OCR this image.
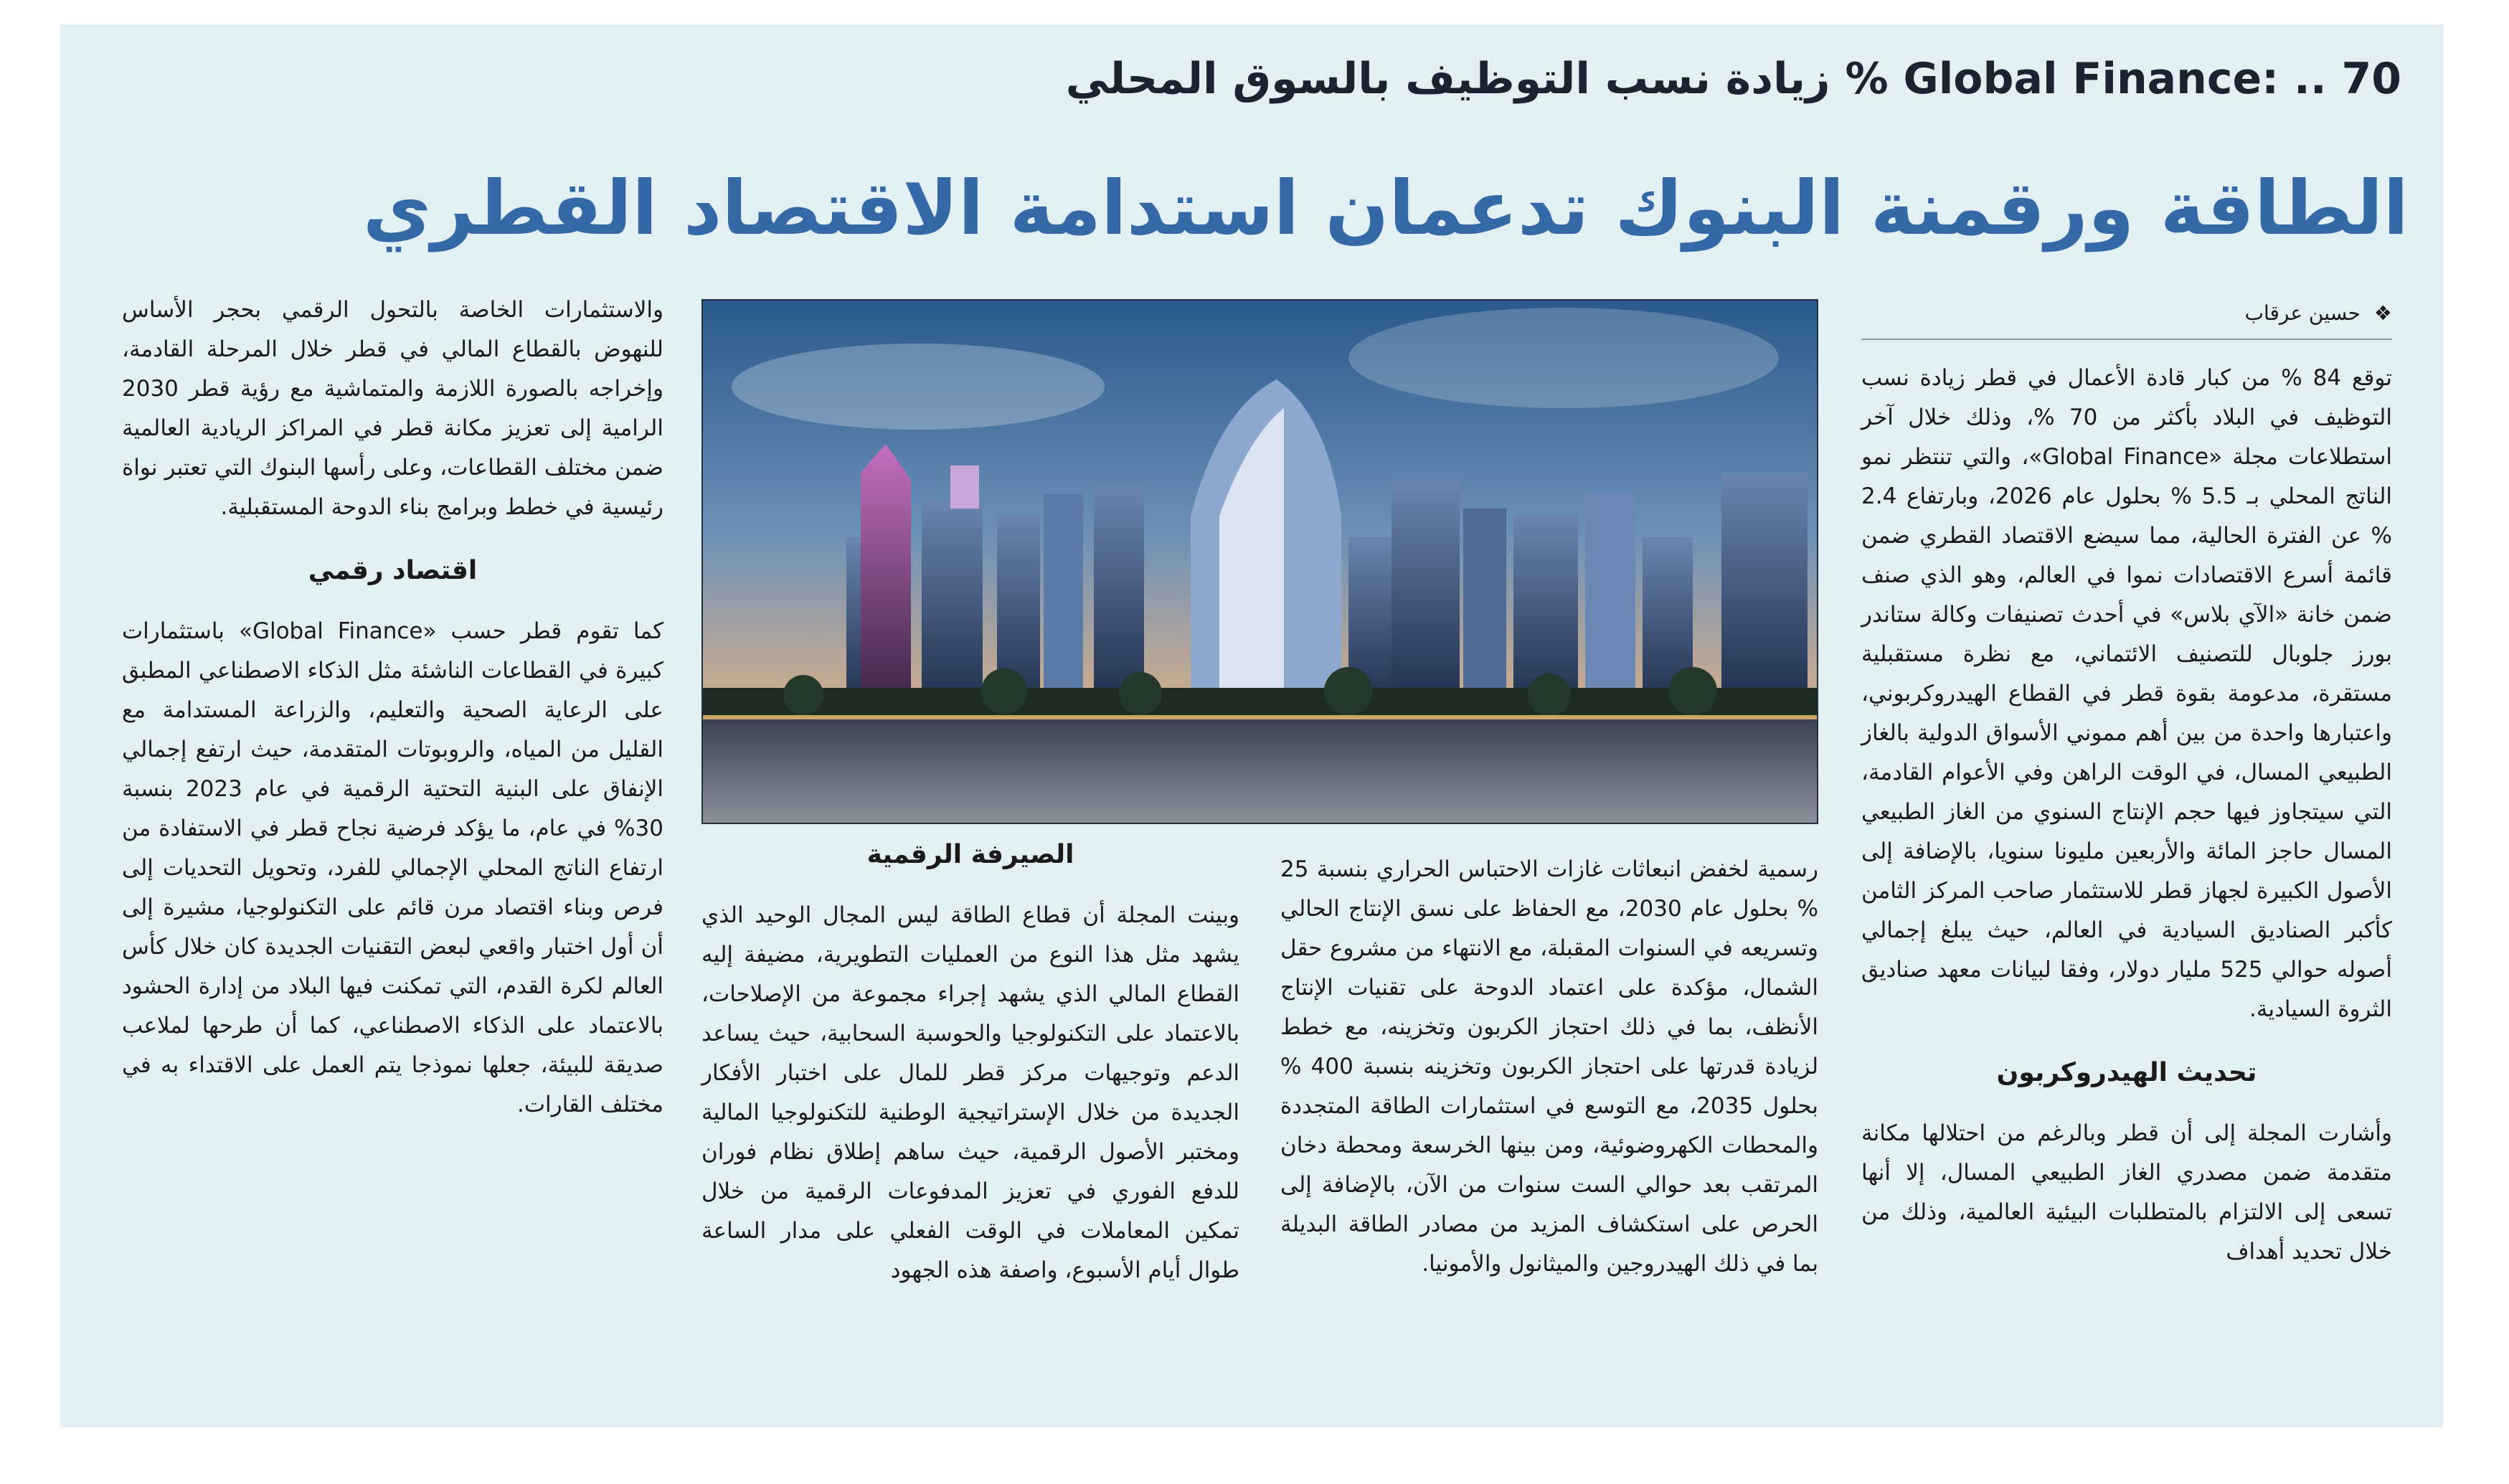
Global Finance: .. 70 % زيادة نسب التوظيف بالسوق المحلي
الطاقة ورقمنة البنوك تدعمان استدامة الاقتصاد القطري
❖ حسين عرقاب

توقع 84 % من كبار قادة الأعمال في قطر زيادة نسب التوظيف في البلاد بأكثر من 70 %، وذلك خلال آخر استطلاعات مجلة «Global Finance»، والتي تنتظر نمو الناتج المحلي بـ 5.5 % بحلول عام 2026، وبارتفاع 2.4 % عن الفترة الحالية، مما سيضع الاقتصاد القطري ضمن قائمة أسرع الاقتصادات نموا في العالم، وهو الذي صنف ضمن خانة «الآي بلاس» في أحدث تصنيفات وكالة ستاندر بورز جلوبال للتصنيف الائتماني، مع نظرة مستقبلية مستقرة، مدعومة بقوة قطر في القطاع الهيدروكربوني، واعتبارها واحدة من بين أهم مموني الأسواق الدولية بالغاز الطبيعي المسال، في الوقت الراهن وفي الأعوام القادمة، التي سيتجاوز فيها حجم الإنتاج السنوي من الغاز الطبيعي المسال حاجز المائة والأربعين مليونا سنويا، بالإضافة إلى الأصول الكبيرة لجهاز قطر للاستثمار صاحب المركز الثامن كأكبر الصناديق السيادية في العالم، حيث يبلغ إجمالي أصوله حوالي 525 مليار دولار، وفقا لبيانات معهد صناديق الثروة السيادية.

تحديث الهيدروكربون

وأشارت المجلة إلى أن قطر وبالرغم من احتلالها مكانة متقدمة ضمن مصدري الغاز الطبيعي المسال، إلا أنها تسعى إلى الالتزام بالمتطلبات البيئية العالمية، وذلك من خلال تحديد أهداف

رسمية لخفض انبعاثات غازات الاحتباس الحراري بنسبة 25 % بحلول عام 2030، مع الحفاظ على نسق الإنتاج الحالي وتسريعه في السنوات المقبلة، مع الانتهاء من مشروع حقل الشمال، مؤكدة على اعتماد الدوحة على تقنيات الإنتاج الأنظف، بما في ذلك احتجاز الكربون وتخزينه، مع خطط لزيادة قدرتها على احتجاز الكربون وتخزينه بنسبة 400 % بحلول 2035، مع التوسع في استثمارات الطاقة المتجددة والمحطات الكهروضوئية، ومن بينها الخرسعة ومحطة دخان المرتقب بعد حوالي الست سنوات من الآن، بالإضافة إلى الحرص على استكشاف المزيد من مصادر الطاقة البديلة بما في ذلك الهيدروجين والميثانول والأمونيا.

الصيرفة الرقمية

وبينت المجلة أن قطاع الطاقة ليس المجال الوحيد الذي يشهد مثل هذا النوع من العمليات التطويرية، مضيفة إليه القطاع المالي الذي يشهد إجراء مجموعة من الإصلاحات، بالاعتماد على التكنولوجيا والحوسبة السحابية، حيث يساعد الدعم وتوجيهات مركز قطر للمال على اختبار الأفكار الجديدة من خلال الإستراتيجية الوطنية للتكنولوجيا المالية ومختبر الأصول الرقمية، حيث ساهم إطلاق نظام فوران للدفع الفوري في تعزيز المدفوعات الرقمية من خلال تمكين المعاملات في الوقت الفعلي على مدار الساعة طوال أيام الأسبوع، واصفة هذه الجهود

والاستثمارات الخاصة بالتحول الرقمي بحجر الأساس للنهوض بالقطاع المالي في قطر خلال المرحلة القادمة، وإخراجه بالصورة اللازمة والمتماشية مع رؤية قطر 2030 الرامية إلى تعزيز مكانة قطر في المراكز الريادية العالمية ضمن مختلف القطاعات، وعلى رأسها البنوك التي تعتبر نواة رئيسية في خطط وبرامج بناء الدوحة المستقبلية.

اقتصاد رقمي

كما تقوم قطر حسب «Global Finance» باستثمارات كبيرة في القطاعات الناشئة مثل الذكاء الاصطناعي المطبق على الرعاية الصحية والتعليم، والزراعة المستدامة مع القليل من المياه، والروبوتات المتقدمة، حيث ارتفع إجمالي الإنفاق على البنية التحتية الرقمية في عام 2023 بنسبة 30% في عام، ما يؤكد فرضية نجاح قطر في الاستفادة من ارتفاع الناتج المحلي الإجمالي للفرد، وتحويل التحديات إلى فرص وبناء اقتصاد مرن قائم على التكنولوجيا، مشيرة إلى أن أول اختبار واقعي لبعض التقنيات الجديدة كان خلال كأس العالم لكرة القدم، التي تمكنت فيها البلاد من إدارة الحشود بالاعتماد على الذكاء الاصطناعي، كما أن طرحها لملاعب صديقة للبيئة، جعلها نموذجا يتم العمل على الاقتداء به في مختلف القارات.
